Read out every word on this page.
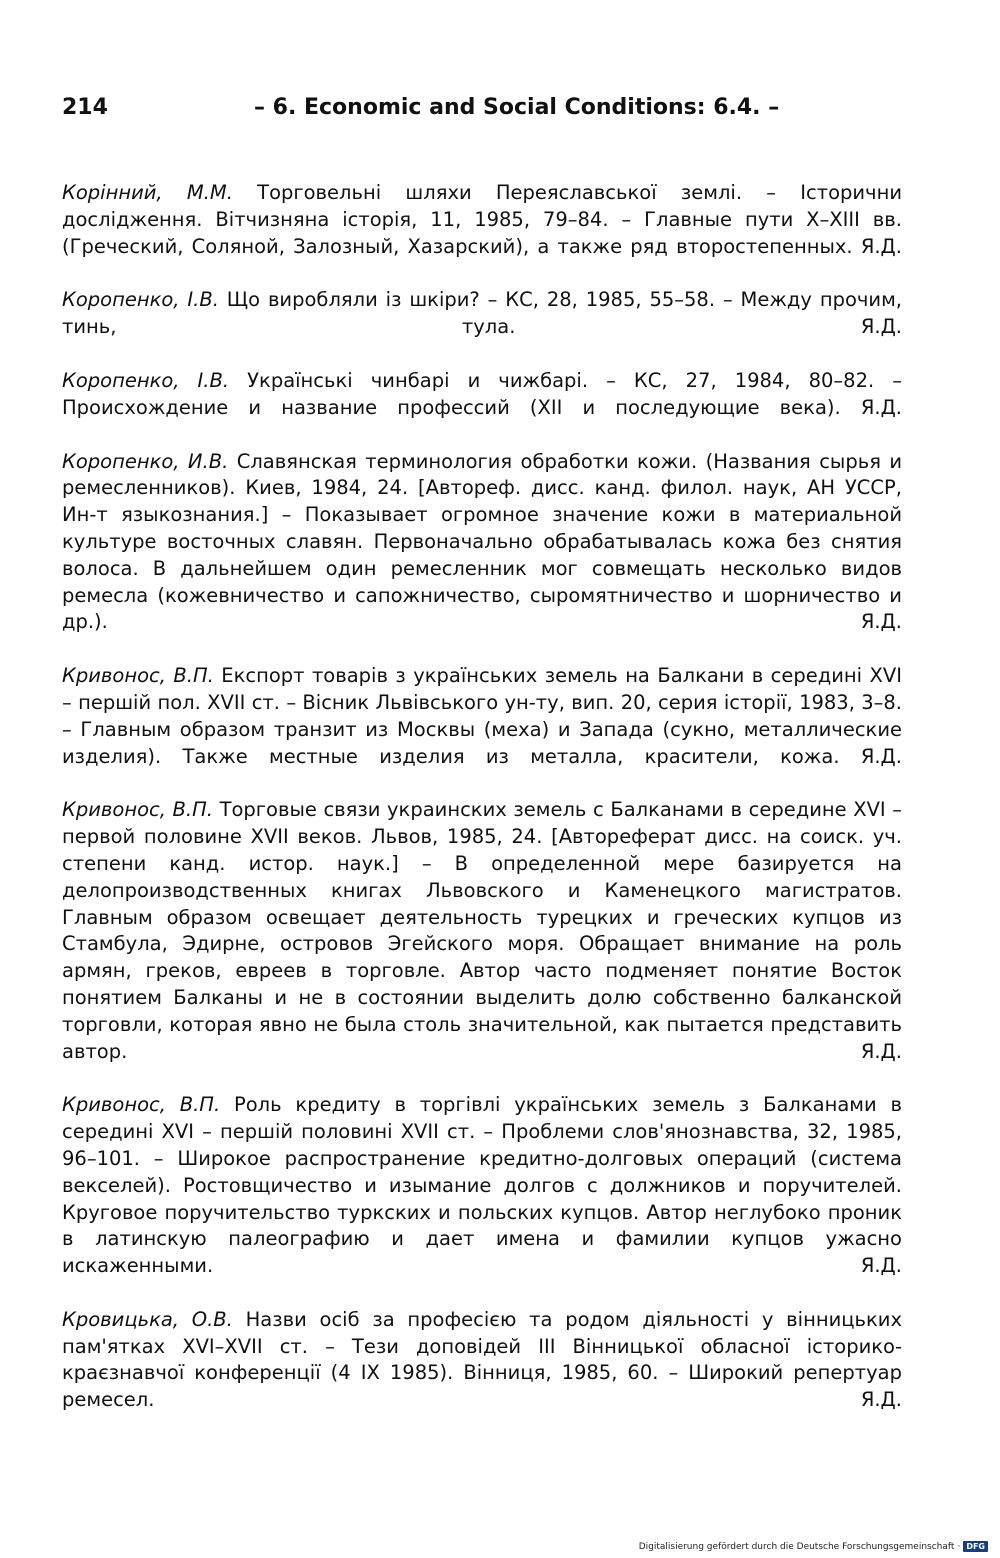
214	– 6. Economic and Social Conditions: 6.4. –

Корінний, М.М. Торговельні шляхи Переяславської землі. – Історични дослідження. Вітчизняна історія, 11, 1985, 79–84. – Главные пути X–XIII вв. (Греческий, Соляной, Залозный, Хазарский), а также ряд второстепенных. Я.Д.

Коропенко, І.В. Що виробляли із шкіри? – КС, 28, 1985, 55–58. – Между прочим, тинь, тула.	Я.Д.

Коропенко, І.В. Українські чинбарі и чижбарі. – КС, 27, 1984, 80–82. – Происхождение и название профессий (XII и последующие века). Я.Д.

Коропенко, И.В. Славянская терминология обработки кожи. (Названия сырья и ремесленников). Киев, 1984, 24. [Автореф. дисс. канд. филол. наук, АН УССР, Ин-т языкознания.] – Показывает огромное значение кожи в материальной культуре восточных славян. Первоначально обрабатывалась кожа без снятия волоса. В дальнейшем один ремесленник мог совмещать несколько видов ремесла (кожевничество и сапожничество, сыромятничество и шорничество и др.).	Я.Д.

Кривонос, В.П. Експорт товарів з українських земель на Балкани в середині XVI – першій пол. XVII ст. – Вісник Львівського ун-ту, вип. 20, серия історії, 1983, 3–8. – Главным образом транзит из Москвы (меха) и Запада (сукно, металлические изделия). Также местные изделия из металла, красители, кожа. Я.Д.

Кривонос, В.П. Торговые связи украинских земель с Балканами в середине XVI – первой половине XVII веков. Львов, 1985, 24. [Автореферат дисс. на соиск. уч. степени канд. истор. наук.] – В определенной мере базируется на делопроизводственных книгах Львовского и Каменецкого магистратов. Главным образом освещает деятельность турецких и греческих купцов из Стамбула, Эдирне, островов Эгейского моря. Обращает внимание на роль армян, греков, евреев в торговле. Автор часто подменяет понятие Восток понятием Балканы и не в состоянии выделить долю собственно балканской торговли, которая явно не была столь значительной, как пытается представить автор.	Я.Д.

Кривонос, В.П. Роль кредиту в торгівлі українських земель з Балканами в середині XVI – першій половині XVII ст. – Проблеми слов'янознавства, 32, 1985, 96–101. – Широкое распространение кредитно-долговых операций (система векселей). Ростовщичество и изымание долгов с должников и поручителей. Круговое поручительство туркских и польских купцов. Автор неглубоко проник в латинскую палеографию и дает имена и фамилии купцов ужасно искаженными.	Я.Д.

Кровицька, О.В. Назви осіб за професією та родом діяльності у вінницьких пам'ятках XVI–XVII ст. – Тези доповідей III Вінницької обласної історико-краєзнавчої конференції (4 IX 1985). Вінниця, 1985, 60. – Широкий репертуар ремесел.	Я.Д.

Digitalisierung gefördert durch die Deutsche Forschungsgemeinschaft · DFG
